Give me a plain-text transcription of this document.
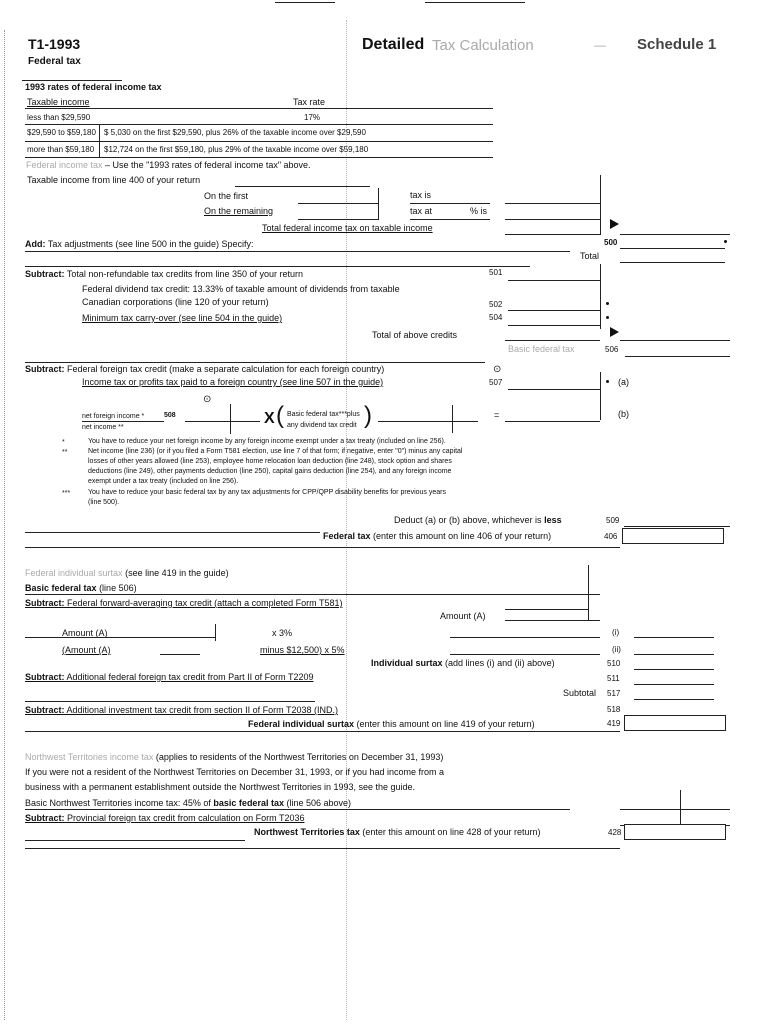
T1-1993
Federal tax
Detailed Tax Calculation	— Schedule 1
1993 rates of federal income tax
Taxable income	Tax rate
less than $29,590	17%
$29,590 to $59,180 $ 5,030 on the first $29,590, plus 26% of the taxable income over $29,590
more than $59,180 $12,724 on the first $59,180, plus 29% of the taxable income over $59,180
Federal income tax – Use the "1993 rates of federal income tax" above.
Taxable income from line 400 of your return
On the first	tax is
On the remaining	tax at	% is
Total federal income tax on taxable income
Add: Tax adjustments (see line 500 in the guide) Specify:	500
Total
Subtract: Total non-refundable tax credits from line 350 of your return	501
Federal dividend tax credit: 13.33% of taxable amount of dividends from taxable
Canadian corporations (line 120 of your return)	502
Minimum tax carry-over (see line 504 in the guide)	504
Total of above credits
Basic federal tax	506
Subtract: Federal foreign tax credit (make a separate calculation for each foreign country)
Income tax or profits tax paid to a foreign country (see line 507 in the guide)	507	(a)
⊙
⊙
net foreign income *
net income **
508	X ( Basic federal tax***plus
any dividend tax credit )	=	(b)
*	You have to reduce your net foreign income by any foreign income exempt under a tax treaty (included on line 256).
**	Net income (line 236) (or if you filed a Form T581 election, use line 7 of that form; if negative, enter "0") minus any capital
losses of other years allowed (line 253), employee home relocation loan deduction (line 248), stock option and shares
deductions (line 249), other payments deduction (line 250), capital gains deduction (line 254), and any foreign income
exempt under a tax treaty (included on line 256).
***	You have to reduce your basic federal tax by any tax adjustments for CPP/QPP disability benefits for previous years
(line 500).
Deduct (a) or (b) above, whichever is less	509
Federal tax (enter this amount on line 406 of your return)	406
Federal individual surtax (see line 419 in the guide)
Basic federal tax (line 506)
Subtract: Federal forward-averaging tax credit (attach a completed Form T581)
Amount (A)
Amount (A)	x 3%	(i)
(Amount (A)	minus $12,500) x 5%	(ii)
Individual surtax (add lines (i) and (ii) above)	510
Subtract: Additional federal foreign tax credit from Part II of Form T2209	511
Subtotal 517
Subtract: Additional investment tax credit from section II of Form T2038 (IND.)	518
Federal individual surtax (enter this amount on line 419 of your return)	419
Northwest Territories income tax (applies to residents of the Northwest Territories on December 31, 1993)
If you were not a resident of the Northwest Territories on December 31, 1993, or if you had income from a
business with a permanent establishment outside the Northwest Territories in 1993, see the guide.
Basic Northwest Territories income tax: 45% of basic federal tax (line 506 above)
Subtract: Provincial foreign tax credit from calculation on Form T2036
Northwest Territories tax (enter this amount on line 428 of your return)	428
